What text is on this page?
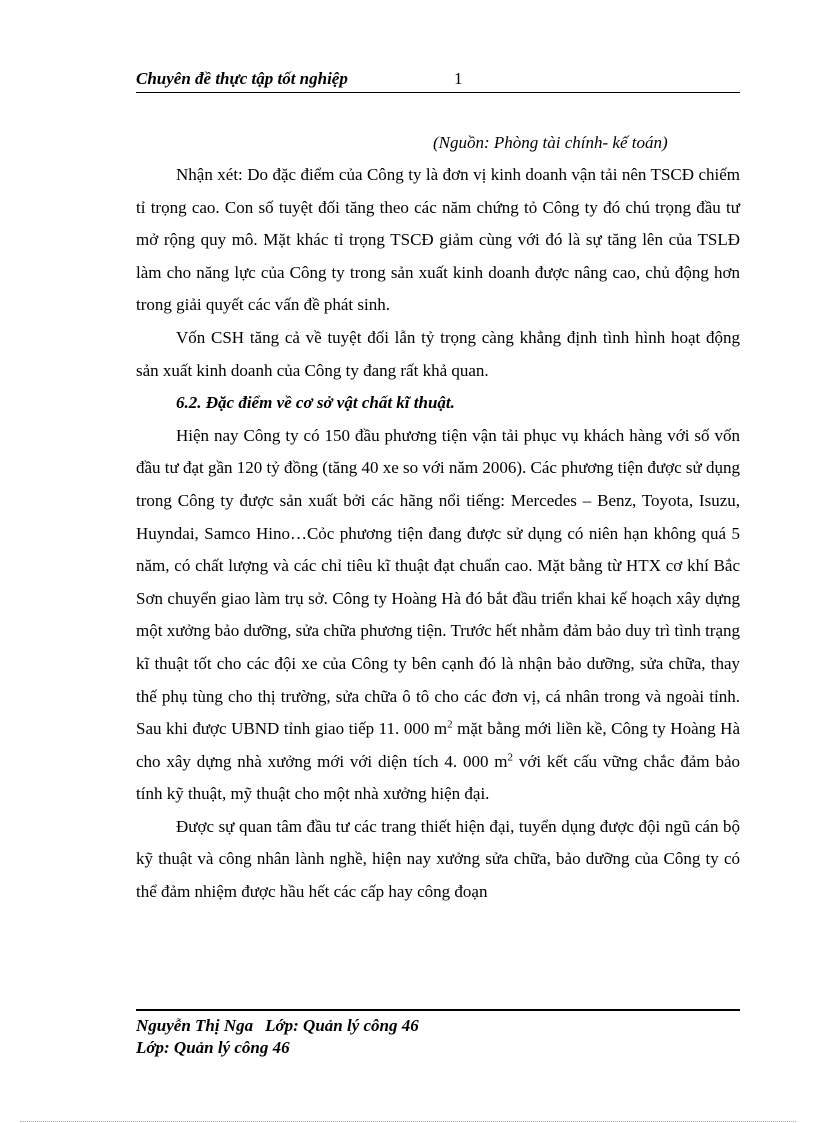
Chuyên đề thực tập tốt nghiệp	1
(Nguồn: Phòng tài chính- kế toán)

Nhận xét: Do đặc điểm của Công ty là đơn vị kinh doanh vận tải nên TSCĐ chiếm tỉ trọng cao. Con số tuyệt đối tăng theo các năm chứng tỏ Công ty đó chú trọng đầu tư mở rộng quy mô. Mặt khác tỉ trọng TSCĐ giảm cùng với đó là sự tăng lên của TSLĐ làm cho năng lực của Công ty trong sản xuất kinh doanh được nâng cao, chủ động hơn trong giải quyết các vấn đề phát sinh.

Vốn CSH tăng cả về tuyệt đối lẫn tỷ trọng càng khẳng định tình hình hoạt động sản xuất kinh doanh của Công ty đang rất khả quan.

6.2. Đặc điểm về cơ sở vật chất kĩ thuật.

Hiện nay Công ty có 150 đầu phương tiện vận tải phục vụ khách hàng với số vốn đầu tư đạt gần 120 tỷ đồng (tăng 40 xe so với năm 2006). Các phương tiện được sử dụng trong Công ty được sản xuất bởi các hãng nổi tiếng: Mercedes – Benz, Toyota, Isuzu, Huyndai, Samco Hino…Cỏc phương tiện đang được sử dụng có niên hạn không quá 5 năm, có chất lượng và các chỉ tiêu kĩ thuật đạt chuẩn cao. Mặt bằng từ HTX cơ khí Bắc Sơn chuyển giao làm trụ sở. Công ty Hoàng Hà đó bắt đầu triển khai kế hoạch xây dựng một xưởng bảo dưỡng, sửa chữa phương tiện. Trước hết nhằm đảm bảo duy trì tình trạng kĩ thuật tốt cho các đội xe của Công ty bên cạnh đó là nhận bảo dưỡng, sửa chữa, thay thế phụ tùng cho thị trường, sửa chữa ô tô cho các đơn vị, cá nhân trong và ngoài tỉnh. Sau khi được UBND tỉnh giao tiếp 11. 000 $m^2$ mặt bằng mới liền kề, Công ty Hoàng Hà cho xây dựng nhà xưởng mới với diện tích 4. 000 $m^2$ với kết cấu vững chắc đảm bảo tính kỹ thuật, mỹ thuật cho một nhà xưởng hiện đại.

Được sự quan tâm đầu tư các trang thiết hiện đại, tuyển dụng được đội ngũ cán bộ kỹ thuật và công nhân lành nghề, hiện nay xưởng sửa chữa, bảo dưỡng của Công ty có thể đảm nhiệm được hầu hết các cấp hay công đoạn

Nguyễn Thị Nga Lớp: Quản lý công 46
Lớp: Quản lý công 46
